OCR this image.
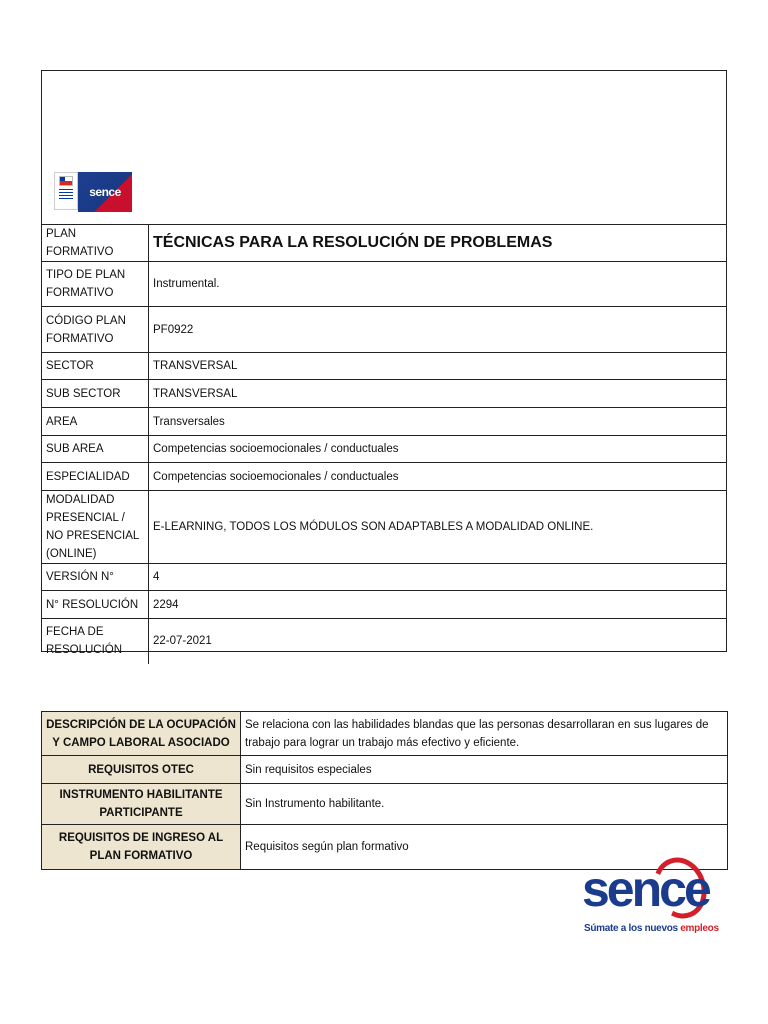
sence
PLAN FORMATIVO	TÉCNICAS PARA LA RESOLUCIÓN DE PROBLEMAS
TIPO DE PLAN FORMATIVO	Instrumental.
CÓDIGO PLAN FORMATIVO	PF0922
SECTOR	TRANSVERSAL
SUB SECTOR	TRANSVERSAL
AREA	Transversales
SUB AREA	Competencias socioemocionales / conductuales
ESPECIALIDAD	Competencias socioemocionales / conductuales
MODALIDAD PRESENCIAL / NO PRESENCIAL (ONLINE)	E-LEARNING, TODOS LOS MÓDULOS SON ADAPTABLES A MODALIDAD ONLINE.
VERSIÓN N°	4
N° RESOLUCIÓN	2294
FECHA DE RESOLUCIÓN	22-07-2021
DESCRIPCIÓN DE LA OCUPACIÓN Y CAMPO LABORAL ASOCIADO	Se relaciona con las habilidades blandas que las personas desarrollaran en sus lugares de trabajo para lograr un trabajo más efectivo y eficiente.
REQUISITOS OTEC	Sin requisitos especiales
INSTRUMENTO HABILITANTE PARTICIPANTE	Sin Instrumento habilitante.
REQUISITOS DE INGRESO AL PLAN FORMATIVO	Requisitos según plan formativo
sence
Súmate a los nuevos empleos
